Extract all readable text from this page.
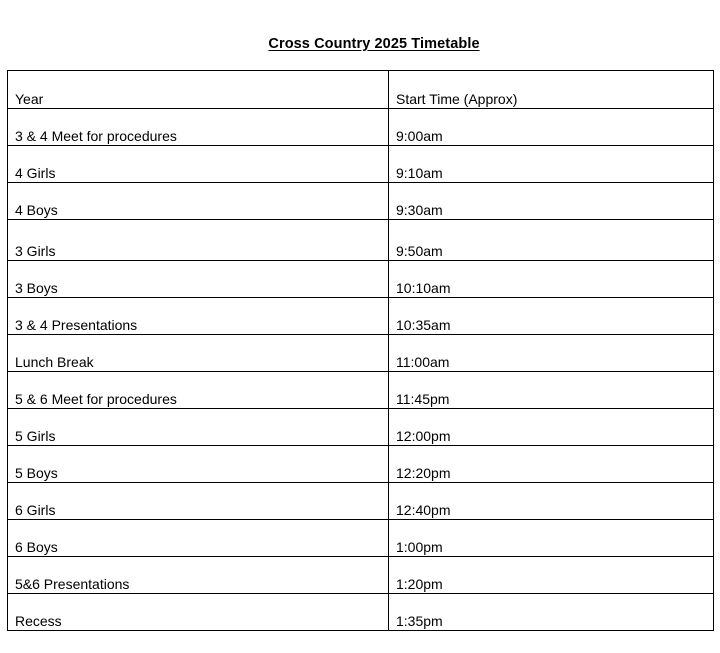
Cross Country 2025 Timetable
Year	Start Time (Approx)
3 & 4 Meet for procedures	9:00am
4 Girls	9:10am
4 Boys	9:30am
3 Girls	9:50am
3 Boys	10:10am
3 & 4 Presentations	10:35am
Lunch Break	11:00am
5 & 6 Meet for procedures	11:45pm
5 Girls	12:00pm
5 Boys	12:20pm
6 Girls	12:40pm
6 Boys	1:00pm
5&6 Presentations	1:20pm
Recess	1:35pm
